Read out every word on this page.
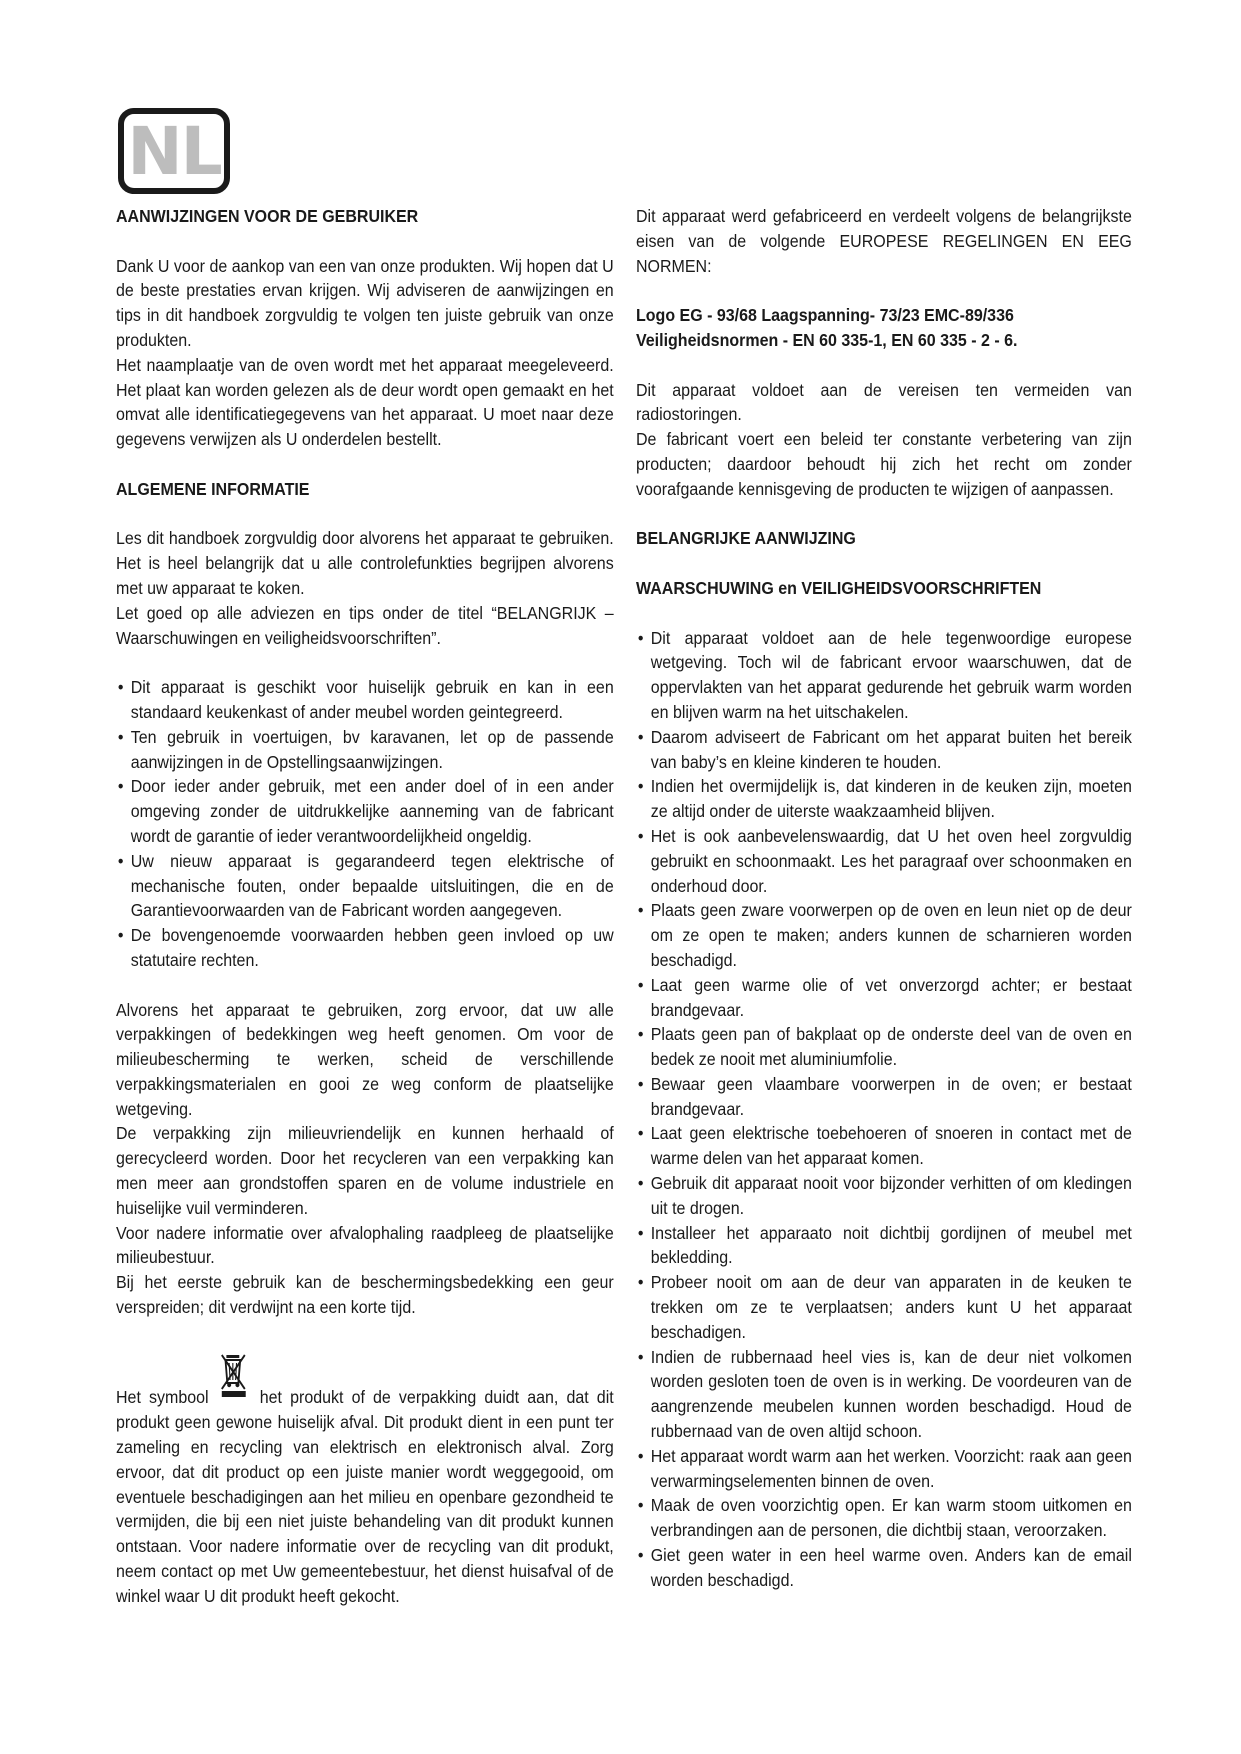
NL

AANWIJZINGEN VOOR DE GEBRUIKER

Dank U voor de aankop van een van onze produkten. Wij hopen dat U de beste prestaties ervan krijgen. Wij adviseren de aanwijzingen en tips in dit handboek zorgvuldig te volgen ten juiste gebruik van onze produkten.

Het naamplaatje van de oven wordt met het apparaat meegeleveerd. Het plaat kan worden gelezen als de deur wordt open gemaakt en het omvat alle identificatiegegevens van het apparaat. U moet naar deze gegevens verwijzen als U onderdelen bestellt.

ALGEMENE INFORMATIE

Les dit handboek zorgvuldig door alvorens het apparaat te gebruiken. Het is heel belangrijk dat u alle controlefunkties begrijpen alvorens met uw apparaat te koken.

Let goed op alle adviezen en tips onder de titel “BELANGRIJK – Waarschuwingen en veiligheidsvoorschriften”.

• Dit apparaat is geschikt voor huiselijk gebruik en kan in een standaard keukenkast of ander meubel worden geintegreerd.
• Ten gebruik in voertuigen, bv karavanen, let op de passende aanwijzingen in de Opstellingsaanwijzingen.
• Door ieder ander gebruik, met een ander doel of in een ander omgeving zonder de uitdrukkelijke aanneming van de fabricant wordt de garantie of ieder verantwoordelijkheid ongeldig.
• Uw nieuw apparaat is gegarandeerd tegen elektrische of mechanische fouten, onder bepaalde uitsluitingen, die en de Garantievoorwaarden van de Fabricant worden aangegeven.
• De bovengenoemde voorwaarden hebben geen invloed op uw statutaire rechten.

Alvorens het apparaat te gebruiken, zorg ervoor, dat uw alle verpakkingen of bedekkingen weg heeft genomen. Om voor de milieubescherming te werken, scheid de verschillende verpakkingsmaterialen en gooi ze weg conform de plaatselijke wetgeving.

De verpakking zijn milieuvriendelijk en kunnen herhaald of gerecycleerd worden. Door het recyclеren van een verpakking kan men meer aan grondstoffen sparen en de volume industriele en huiselijke vuil verminderen.

Voor nadere informatie over afvalophaling raadpleeg de plaatselijke milieubestuur.

Bij het eerste gebruik kan de beschermingsbedekking een geur verspreiden; dit verdwijnt na een korte tijd.

Het symbool	het produkt of de verpakking duidt aan, dat dit produkt geen gewone huiselijk afval. Dit produkt dient in een punt ter zameling en recycling van elektrisch en elektronisch alval. Zorg ervoor, dat dit product op een juiste manier wordt weggegooid, om eventuele beschadigingen aan het milieu en openbare gezondheid te vermijden, die bij een niet juiste behandeling van dit produkt kunnen ontstaan. Voor nadere informatie over de recycling van dit produkt, neem contact op met Uw gemeentebestuur, het dienst huisafval of de winkel waar U dit produkt heeft gekocht.

Dit apparaat werd gefabriceerd en verdeelt volgens de belangrijkste eisen van de volgende EUROPESE REGELINGEN EN EEG NORMEN:

Logo EG - 93/68 Laagspanning- 73/23 EMC-89/336

Veiligheidsnormen - EN 60 335-1, EN 60 335 - 2 - 6.

Dit apparaat voldoet aan de vereisen ten vermeiden van radiostoringen.

De fabricant voert een beleid ter constante verbetering van zijn producten; daardoor behoudt hij zich het recht om zonder voorafgaande kennisgeving de producten te wijzigen of aanpassen.

BELANGRIJKE AANWIJZING

WAARSCHUWING en VEILIGHEIDSVOORSCHRIFTEN

• Dit apparaat voldoet aan de hele tegenwoordige europese wetgeving. Toch wil de fabricant ervoor waarschuwen, dat de oppervlakten van het apparat gedurende het gebruik warm worden en blijven warm na het uitschakelen.
• Daarom adviseert de Fabricant om het apparat buiten het bereik van baby’s en kleine kinderen te houden.
• Indien het overmijdelijk is, dat kinderen in de keuken zijn, moeten ze altijd onder de uiterste waakzaamheid blijven.
• Het is ook aanbevelenswaardig, dat U het oven heel zorgvuldig gebruikt en schoonmaakt. Les het paragraaf over schoonmaken en onderhoud door.
• Plaats geen zware voorwerpen op de oven en leun niet op de deur om ze open te maken; anders kunnen de scharnieren worden beschadigd.
• Laat geen warme olie of vet onverzorgd achter; er bestaat brandgevaar.
• Plaats geen pan of bakplaat op de onderste deel van de oven en bedek ze nooit met aluminiumfolie.
• Bewaar geen vlaambare voorwerpen in de oven; er bestaat brandgevaar.
• Laat geen elektrische toebehoeren of snoeren in contact met de warme delen van het apparaat komen.
• Gebruik dit apparaat nooit voor bijzonder verhitten of om kledingen uit te drogen.
• Installeer het apparaato noit dichtbij gordijnen of meubel met bekledding.
• Probeer nooit om aan de deur van apparaten in de keuken te trekken om ze te verplaatsen; anders kunt U het apparaat beschadigen.
• Indien de rubbernaad heel vies is, kan de deur niet volkomen worden gesloten toen de oven is in werking. De voordeuren van de aangrenzende meubelen kunnen worden beschadigd. Houd de rubbernaad van de oven altijd schoon.
• Het apparaat wordt warm aan het werken. Voorzicht: raak aan geen verwarmingselementen binnen de oven.
• Maak de oven voorzichtig open. Er kan warm stoom uitkomen en verbrandingen aan de personen, die dichtbij staan, veroorzaken.
• Giet geen water in een heel warme oven. Anders kan de email worden beschadigd.
